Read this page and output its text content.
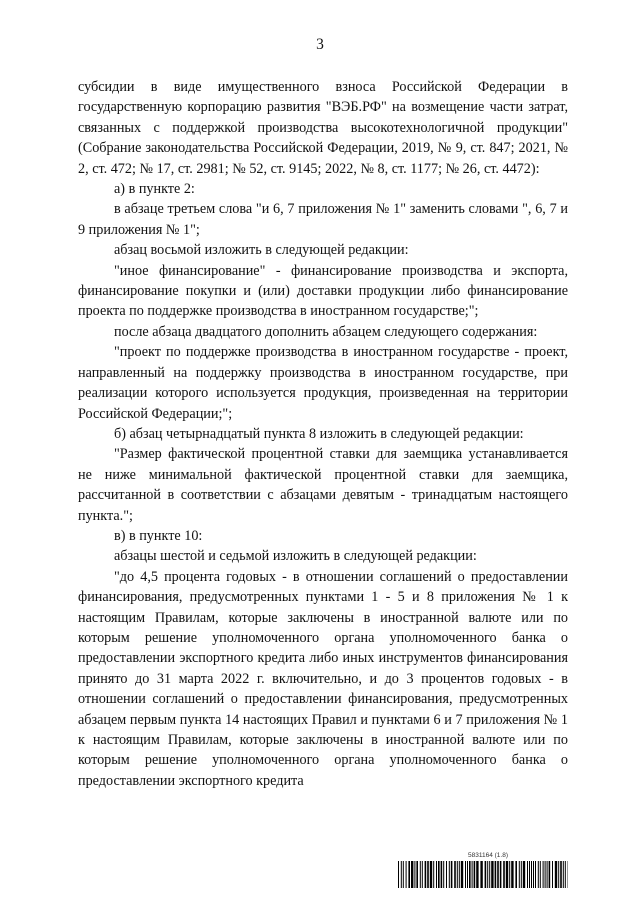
3

субсидии в виде имущественного взноса Российской Федерации в государственную корпорацию развития "ВЭБ.РФ" на возмещение части затрат, связанных с поддержкой производства высокотехнологичной продукции" (Собрание законодательства Российской Федерации, 2019, № 9, ст. 847; 2021, № 2, ст. 472; № 17, ст. 2981; № 52, ст. 9145; 2022, № 8, ст. 1177; № 26, ст. 4472):

а) в пункте 2:

в абзаце третьем слова "и 6, 7 приложения № 1" заменить словами ", 6, 7 и 9 приложения № 1";

абзац восьмой изложить в следующей редакции:

"иное финансирование" - финансирование производства и экспорта, финансирование покупки и (или) доставки продукции либо финансирование проекта по поддержке производства в иностранном государстве;";

после абзаца двадцатого дополнить абзацем следующего содержания:

"проект по поддержке производства в иностранном государстве - проект, направленный на поддержку производства в иностранном государстве, при реализации которого используется продукция, произведенная на территории Российской Федерации;";

б) абзац четырнадцатый пункта 8 изложить в следующей редакции:

"Размер фактической процентной ставки для заемщика устанавливается не ниже минимальной фактической процентной ставки для заемщика, рассчитанной в соответствии с абзацами девятым - тринадцатым настоящего пункта.";

в) в пункте 10:

абзацы шестой и седьмой изложить в следующей редакции:

"до 4,5 процента годовых - в отношении соглашений о предоставлении финансирования, предусмотренных пунктами 1 - 5 и 8 приложения № 1 к настоящим Правилам, которые заключены в иностранной валюте или по которым решение уполномоченного органа уполномоченного банка о предоставлении экспортного кредита либо иных инструментов финансирования принято до 31 марта 2022 г. включительно, и до 3 процентов годовых - в отношении соглашений о предоставлении финансирования, предусмотренных абзацем первым пункта 14 настоящих Правил и пунктами 6 и 7 приложения № 1 к настоящим Правилам, которые заключены в иностранной валюте или по которым решение уполномоченного органа уполномоченного банка о предоставлении экспортного кредита

5831164 (1.8)
